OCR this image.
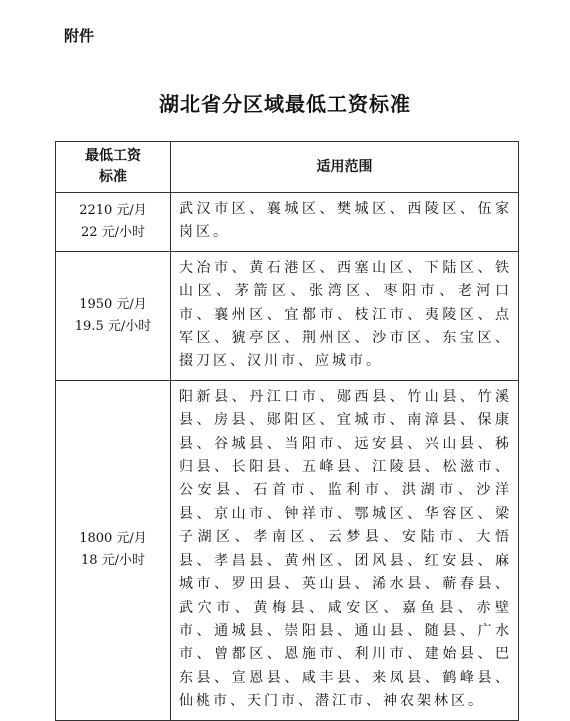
附件
湖北省分区域最低工资标准
最低工资
标准	适用范围

2210 元/月
22 元/小时	武汉市区、襄城区、樊城区、西陵区、伍家岗区。

1950 元/月
19.5 元/小时	大冶市、黄石港区、西塞山区、下陆区、铁山区、茅箭区、张湾区、枣阳市、老河口市、襄州区、宜都市、枝江市、夷陵区、点军区、猇亭区、荆州区、沙市区、东宝区、掇刀区、汉川市、应城市。

1800 元/月
18 元/小时	阳新县、丹江口市、郧西县、竹山县、竹溪县、房县、郧阳区、宜城市、南漳县、保康县、谷城县、当阳市、远安县、兴山县、秭归县、长阳县、五峰县、江陵县、松滋市、公安县、石首市、监利市、洪湖市、沙洋县、京山市、钟祥市、鄂城区、华容区、梁子湖区、孝南区、云梦县、安陆市、大悟县、孝昌县、黄州区、团风县、红安县、麻城市、罗田县、英山县、浠水县、蕲春县、武穴市、黄梅县、咸安区、嘉鱼县、赤壁市、通城县、崇阳县、通山县、随县、广水市、曾都区、恩施市、利川市、建始县、巴东县、宣恩县、咸丰县、来凤县、鹤峰县、仙桃市、天门市、潜江市、神农架林区。
